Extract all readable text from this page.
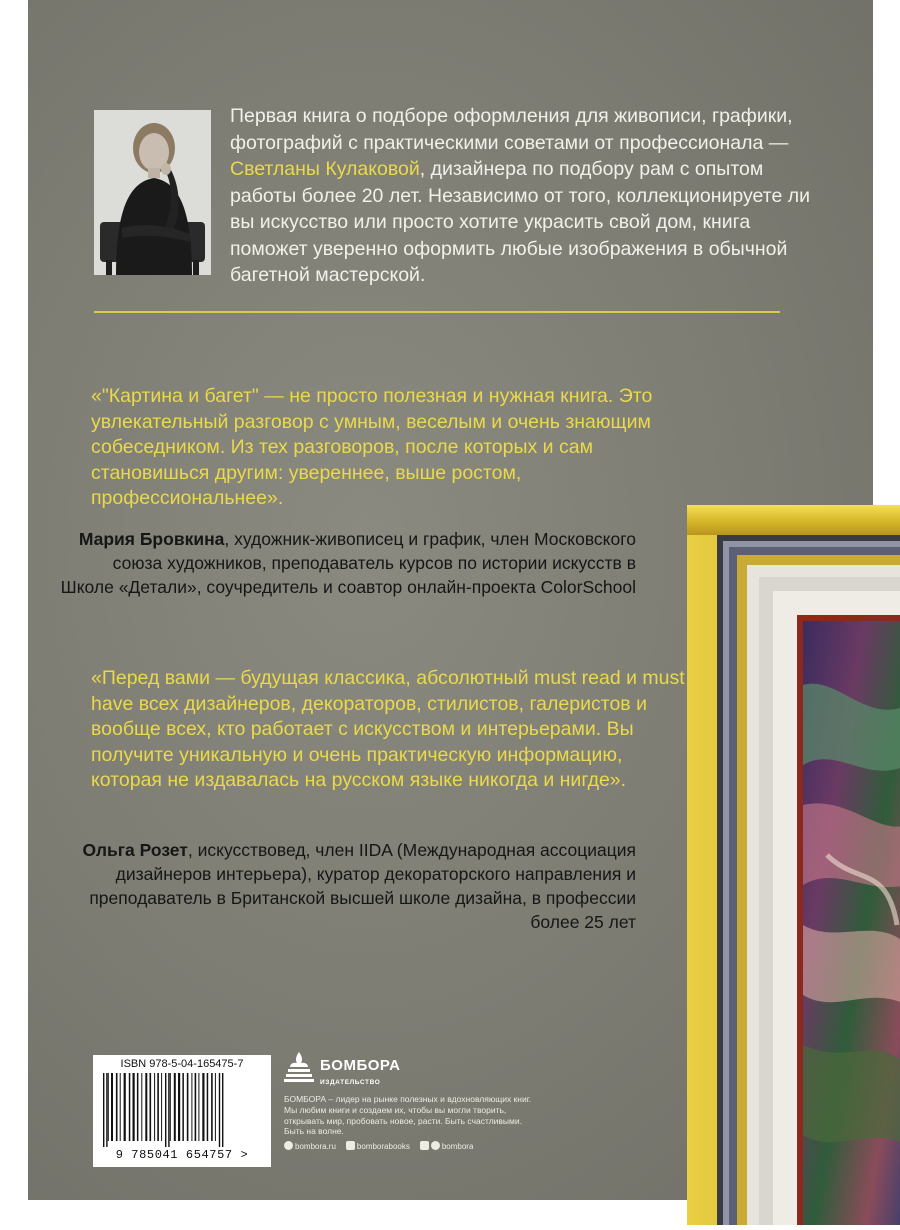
Первая книга о подборе оформления для живописи, графики, фотографий с практическими советами от профессионала — Светланы Кулаковой, дизайнера по подбору рам с опытом работы более 20 лет. Независимо от того, коллекционируете ли вы искусство или просто хотите украсить свой дом, книга поможет уверенно оформить любые изображения в обычной багетной мастерской.
«"Картина и багет" — не просто полезная и нужная книга. Это увлекательный разговор с умным, веселым и очень знающим собеседником. Из тех разговоров, после которых и сам становишься другим: увереннее, выше ростом, профессиональнее».
Мария Бровкина, художник-живописец и график, член Московского союза художников, преподаватель курсов по истории искусств в Школе «Детали», соучредитель и соавтор онлайн-проекта ColorSchool
«Перед вами — будущая классика, абсолютный must read и must have всех дизайнеров, декораторов, стилистов, галеристов и вообще всех, кто работает с искусством и интерьерами. Вы получите уникальную и очень практическую информацию, которая не издавалась на русском языке никогда и нигде».
Ольга Розет, искусствовед, член IIDA (Международная ассоциация дизайнеров интерьера), куратор декораторского направления и преподаватель в Британской высшей школе дизайна, в профессии более 25 лет
ISBN 978-5-04-165475-7
9 785041 654757 >
БОМБОРА
ИЗДАТЕЛЬСТВО
БОМБОРА – лидер на рынке полезных и вдохновляющих книг. Мы любим книги и создаем их, чтобы вы могли творить, открывать мир, пробовать новое, расти. Быть счастливыми. Быть на волне.
bombora.ru	bomborabooks	bombora
